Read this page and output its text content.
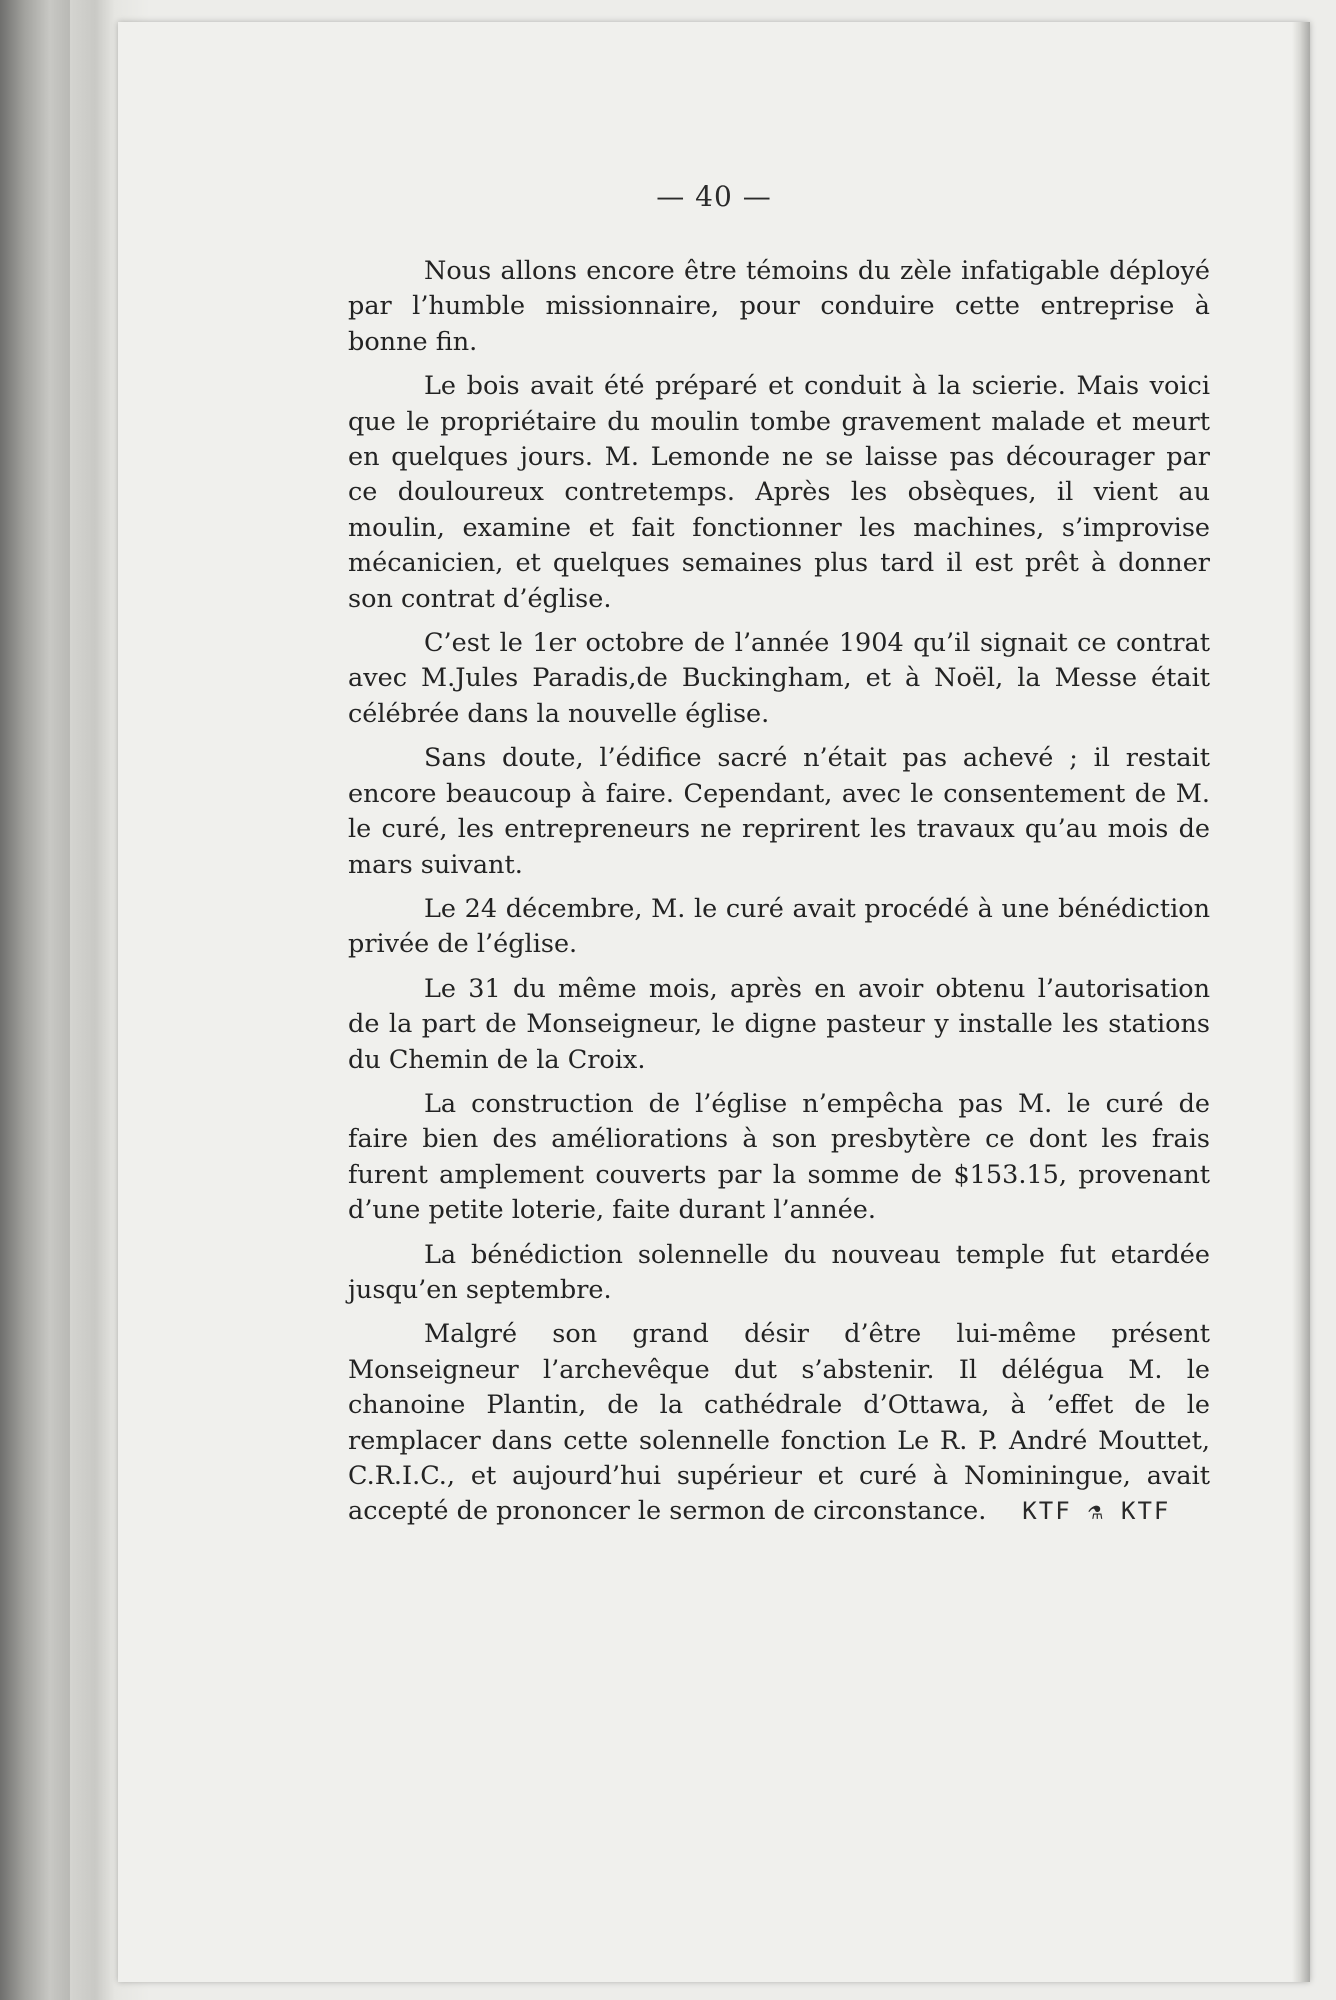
— 40 —

Nous allons encore être témoins du zèle infatigable déployé par l’humble missionnaire, pour conduire cette entreprise à bonne fin.

Le bois avait été préparé et conduit à la scierie. Mais voici que le propriétaire du moulin tombe gravement malade et meurt en quelques jours. M. Lemonde ne se laisse pas décourager par ce douloureux contretemps. Après les obsèques, il vient au moulin, examine et fait fonctionner les machines, s’improvise mécanicien, et quelques semaines plus tard il est prêt à donner son contrat d’église.

C’est le 1er octobre de l’année 1904 qu’il signait ce contrat avec M.Jules Paradis,de Buckingham, et à Noël, la Messe était célébrée dans la nouvelle église.

Sans doute, l’édifice sacré n’était pas achevé ; il restait encore beaucoup à faire. Cependant, avec le consentement de M. le curé, les entrepreneurs ne reprirent les travaux qu’au mois de mars suivant.

Le 24 décembre, M. le curé avait procédé à une bénédiction privée de l’église.

Le 31 du même mois, après en avoir obtenu l’autorisation de la part de Monseigneur, le digne pasteur y installe les stations du Chemin de la Croix.

La construction de l’église n’empêcha pas M. le curé de faire bien des améliorations à son presbytère ce dont les frais furent amplement couverts par la somme de $153.15, provenant d’une petite loterie, faite durant l’année.

La bénédiction solennelle du nouveau temple fut etardée jusqu’en septembre.

Malgré son grand désir d’être lui-même présent Monseigneur l’archevêque dut s’abstenir. Il délégua M. le chanoine Plantin, de la cathédrale d’Ottawa, à ’effet de le remplacer dans cette solennelle fonction Le R. P. André Mouttet, C.R.I.C., et aujourd’hui supérieur et curé à Nominingue, avait accepté de prononcer le sermon de circonstance. KTF ⚗ KTF
